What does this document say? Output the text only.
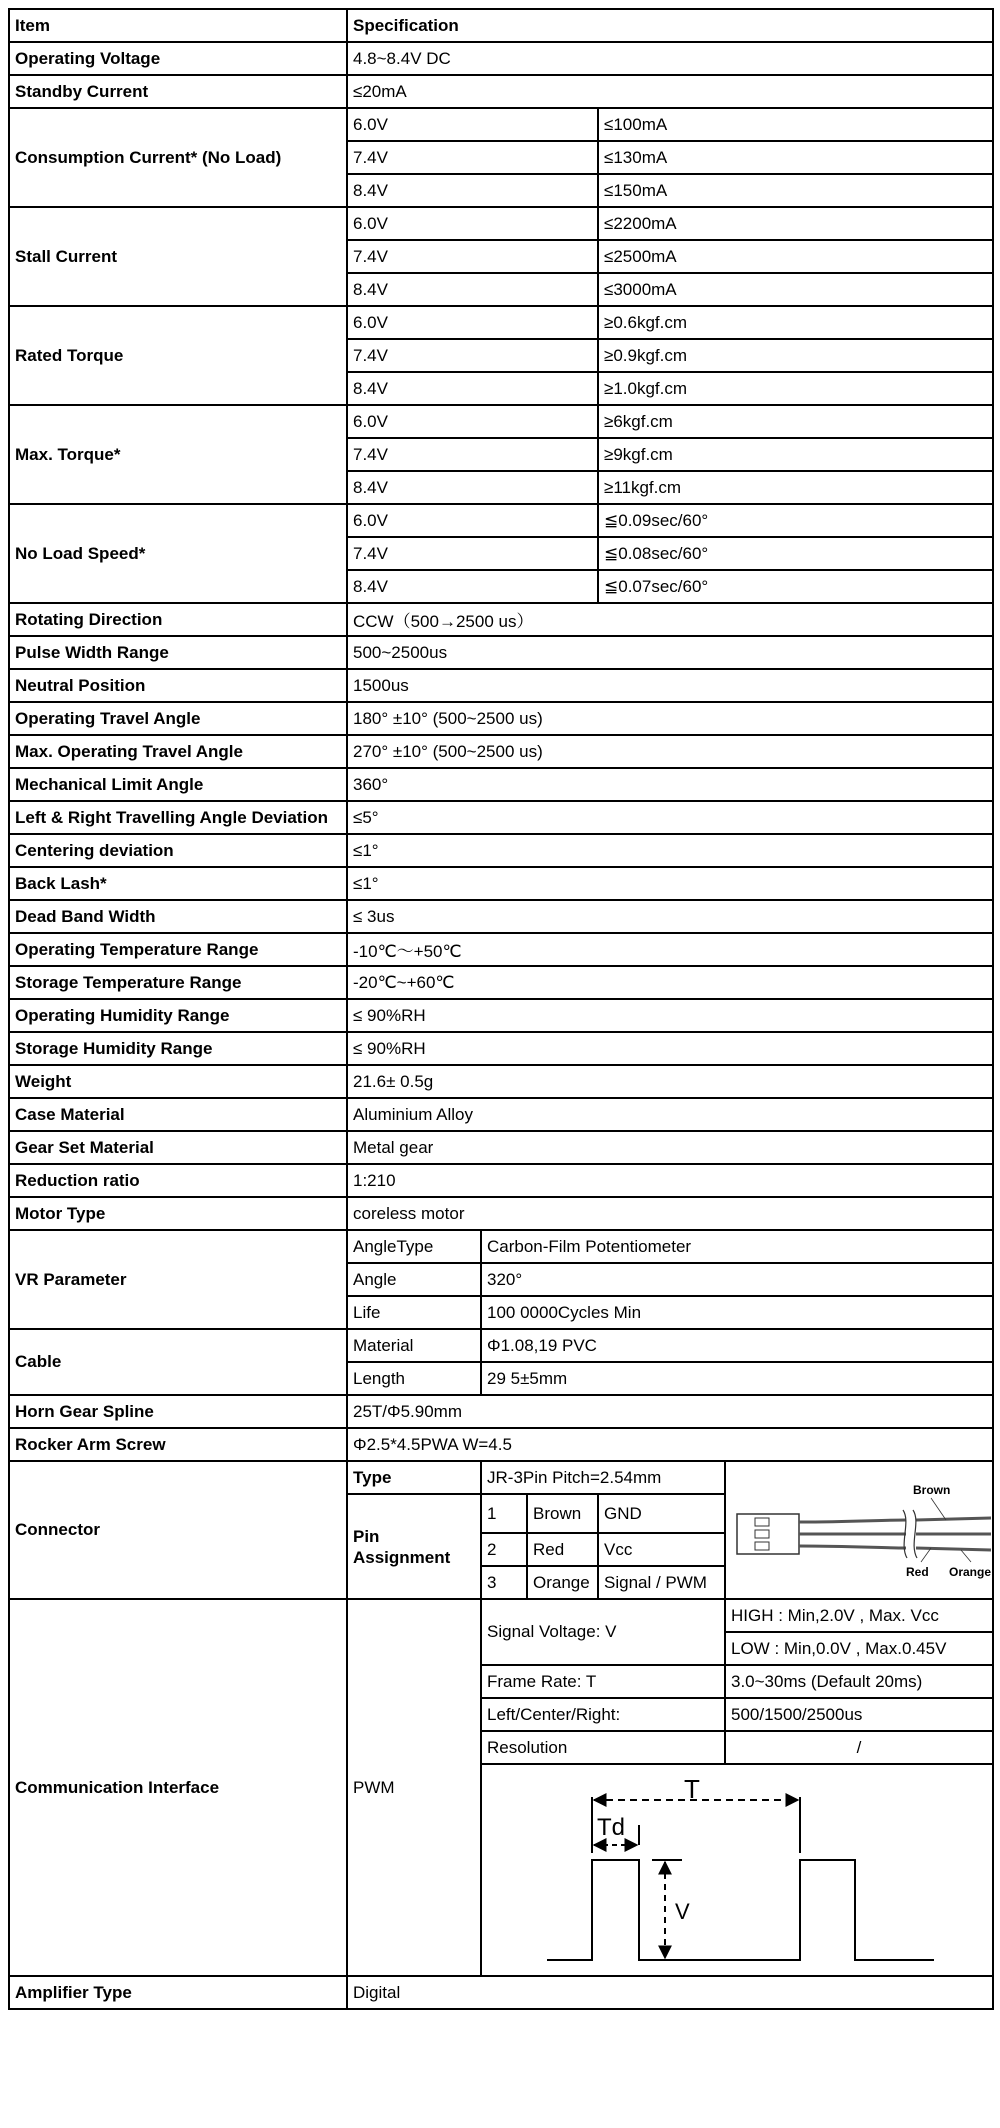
Item	Specification				
Operating Voltage	4.8~8.4V DC				
Standby Current	≤20mA				
Consumption Current* (No Load)	6.0V			≤100mA	
	7.4V			≤130mA	
	8.4V			≤150mA	
Stall Current	6.0V			≤2200mA	
	7.4V			≤2500mA	
	8.4V			≤3000mA	
Rated Torque	6.0V			≥0.6kgf.cm	
	7.4V			≥0.9kgf.cm	
	8.4V			≥1.0kgf.cm	
Max. Torque*	6.0V			≥6kgf.cm	
	7.4V			≥9kgf.cm	
	8.4V			≥11kgf.cm	
No Load Speed*	6.0V			≦0.09sec/60°	
	7.4V			≦0.08sec/60°	
	8.4V			≦0.07sec/60°	
Rotating Direction	CCW（500→2500 us）				
Pulse Width Range	500~2500us				
Neutral Position	1500us				
Operating Travel Angle	180° ±10° (500~2500 us)				
Max. Operating Travel Angle	270° ±10° (500~2500 us)				
Mechanical Limit Angle	360°				
Left & Right Travelling Angle Deviation	≤5°				
Centering deviation	≤1°				
Back Lash*	≤1°				
Dead Band Width	≤ 3us				
Operating Temperature Range	-10℃～+50℃				
Storage Temperature Range	-20℃~+60℃				
Operating Humidity Range	≤ 90%RH				
Storage Humidity Range	≤ 90%RH				
Weight	21.6± 0.5g				
Case Material	Aluminium Alloy				
Gear Set Material	Metal gear				
Reduction ratio	1:210				
Motor Type	coreless motor				
VR Parameter	AngleType	Carbon-Film Potentiometer			
	Angle	320°			
	Life	100 0000Cycles Min			
Cable	Material	Φ1.08,19 PVC			
	Length	29 5±5mm			
Horn Gear Spline	25T/Φ5.90mm				
Rocker Arm Screw	Φ2.5*4.5PWA W=4.5				
Connector	Type	JR-3Pin Pitch=2.54mm			Brown
Red Orange

	Pin Assignment	1	Brown	GND	
		2	Red	Vcc	
		3	Orange	Signal / PWM	
Communication Interface	PWM	Signal Voltage: V			HIGH : Min,2.0V , Max. Vcc
					LOW : Min,0.0V , Max.0.45V
		Frame Rate: T			3.0~30ms (Default 20ms)
		Left/Center/Right:			500/1500/2500us
		Resolution			/

T
Td
V			

Amplifier Type	Digital				
